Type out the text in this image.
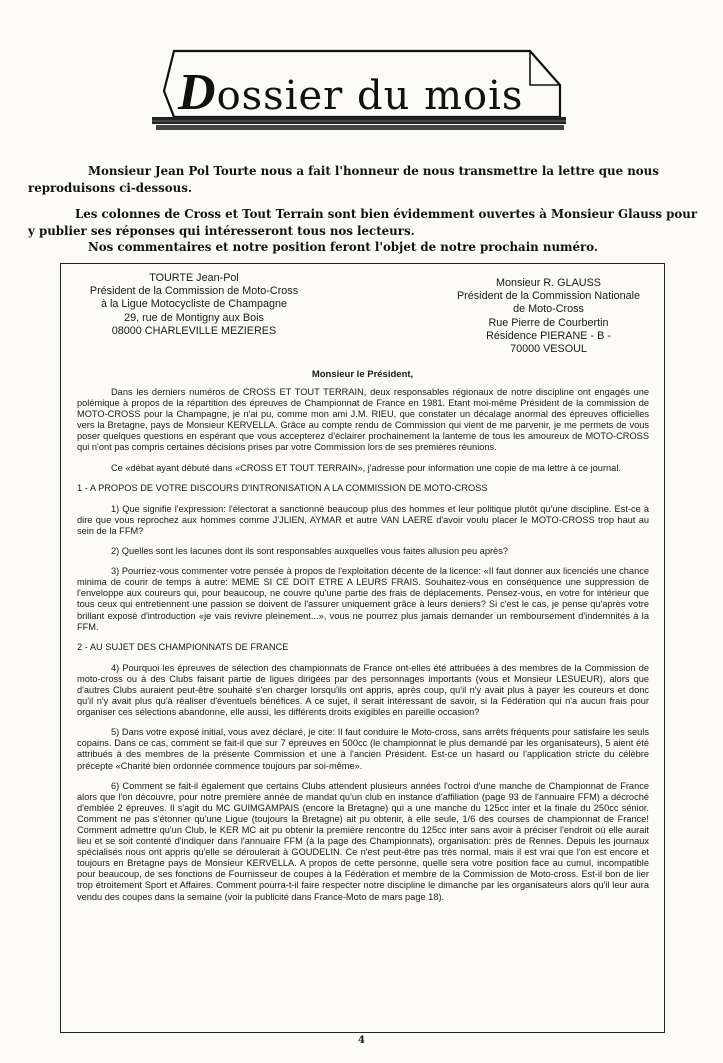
Dossier du mois
Monsieur Jean Pol Tourte nous a fait l'honneur de nous transmettre la lettre que nous reproduisons ci-dessous.
Les colonnes de Cross et Tout Terrain sont bien évidemment ouvertes à Monsieur Glauss pour y publier ses réponses qui intéresseront tous nos lecteurs.
Nos commentaires et notre position feront l'objet de notre prochain numéro.
TOURTE Jean-Pol
Président de la Commission de Moto-Cross
à la Ligue Motocycliste de Champagne
29, rue de Montigny aux Bois
08000 CHARLEVILLE MEZIERES
Monsieur R. GLAUSS
Président de la Commission Nationale
de Moto-Cross
Rue Pierre de Courbertin
Résidence PIERANE - B -
70000 VESOUL
Monsieur le Président,

Dans les derniers numéros de CROSS ET TOUT TERRAIN, deux responsables régionaux de notre discipline ont engagés une polémique à propos de la répartition des épreuves de Championnat de France en 1981. Etant moi-même Président de la commission de MOTO-CROSS pour la Champagne, je n'ai pu, comme mon ami J.M. RIEU, que constater un décalage anormal des épreuves officielles vers la Bretagne, pays de Monsieur KERVELLA. Grâce au compte rendu de Commission qui vient de me parvenir, je me permets de vous poser quelques questions en espérant que vous accepterez d'éclairer prochainement la lanterne de tous les amoureux de MOTO-CROSS qui n'ont pas compris certaines décisions prises par votre Commission lors de ses premières réunions.

Ce «débat ayant débuté dans «CROSS ET TOUT TERRAIN», j'adresse pour information une copie de ma lettre à ce journal.

1 - A PROPOS DE VOTRE DISCOURS D'INTRONISATION A LA COMMISSION DE MOTO-CROSS

1) Que signifie l'expression: l'électorat a sanctionné beaucoup plus des hommes et leur politique plutôt qu'une discipline. Est-ce à dire que vous reprochez aux hommes comme J'JLIEN, AYMAR et autre VAN LAERE d'avoir voulu placer le MOTO-CROSS trop haut au sein de la FFM?

2) Quelles sont les lacunes dont ils sont responsables auxquelles vous faites allusion peu après?

3) Pourriez-vous commenter votre pensée à propos de l'exploitation décente de la licence: «Il faut donner aux licenciés une chance minima de courir de temps à autre: MEME SI CE DOIT ETRE A LEURS FRAIS. Souhaitez-vous en conséquence une suppression de l'enveloppe aux coureurs qui, pour beaucoup, ne couvre qu'une partie des frais de déplacements. Pensez-vous, en votre for intérieur que tous ceux qui entretiennent une passion se doivent de l'assurer uniquement grâce à leurs deniers? Si c'est le cas, je pense qu'après votre brillant exposé d'introduction «je vais revivre pleinement...», vous ne pourrez plus jamais demander un remboursement d'indemnités à la FFM.

2 - AU SUJET DES CHAMPIONNATS DE FRANCE

4) Pourquoi les épreuves de sélection des championnats de France ont-elles été attribuées à des membres de la Commission de moto-cross ou à des Clubs faisant partie de ligues dirigées par des personnages importants (vous et Monsieur LESUEUR), alors que d'autres Clubs auraient peut-être souhaité s'en charger lorsqu'ils ont appris, après coup, qu'il n'y avait plus à payer les coureurs et donc qu'il n'y avait plus qu'à réaliser d'éventuels bénéfices. A ce sujet, il serait intéressant de savoir, si la Fédération qui n'a aucun frais pour organiser ces sélections abandonne, elle aussi, les différents droits exigibles en pareille occasion?

5) Dans votre exposé initial, vous avez déclaré, je cite: Il faut conduire le Moto-cross, sans arrêts fréquents pour satisfaire les seuls copains. Dans ce cas, comment se fait-il que sur 7 épreuves en 500cc (le championnat le plus demandé par les organisateurs), 5 aient été attribués à des membres de la présente Commission et une à l'ancien Président. Est-ce un hasard ou l'application stricte du célèbre précepte «Charité bien ordonnée commence toujours par soi-même».

6) Comment se fait-il également que certains Clubs attendent plusieurs années l'octroi d'une manche de Championnat de France alors que l'on découvre, pour notre première année de mandat qu'un club en instance d'affiliation (page 93 de l'annuaire FFM) a décroché d'emblée 2 épreuves. Il s'agit du MC GUIMGAMPAIS (encore la Bretagne) qui a une manche du 125cc inter et la finale du 250cc sénior. Comment ne pas s'étonner qu'une Ligue (toujours la Bretagne) ait pu obtenir, à elle seule, 1/6 des courses de championnat de France! Comment admettre qu'un Club, le KER MC ait pu obtenir la première rencontre du 125cc inter sans avoir à préciser l'endroit où elle aurait lieu et se soit contenté d'indiquer dans l'annuaire FFM (à la page des Championnats), organisation: près de Rennes. Depuis les journaux spécialisés nous ont appris qu'elle se déroulerait à GOUDELIN. Ce n'est peut-être pas très normal, mais il est vrai que l'on est encore et toujours en Bretagne pays de Monsieur KERVELLA. A propos de cette personne, quelle sera votre position face au cumul, incompatible pour beaucoup, de ses fonctions de Fournisseur de coupes à la Fédération et membre de la Commission de Moto-cross. Est-il bon de lier trop étroitement Sport et Affaires. Comment pourra-t-il faire respecter notre discipline le dimanche par les organisateurs alors qu'il leur aura vendu des coupes dans la semaine (voir la publicité dans France-Moto de mars page 18).

4
